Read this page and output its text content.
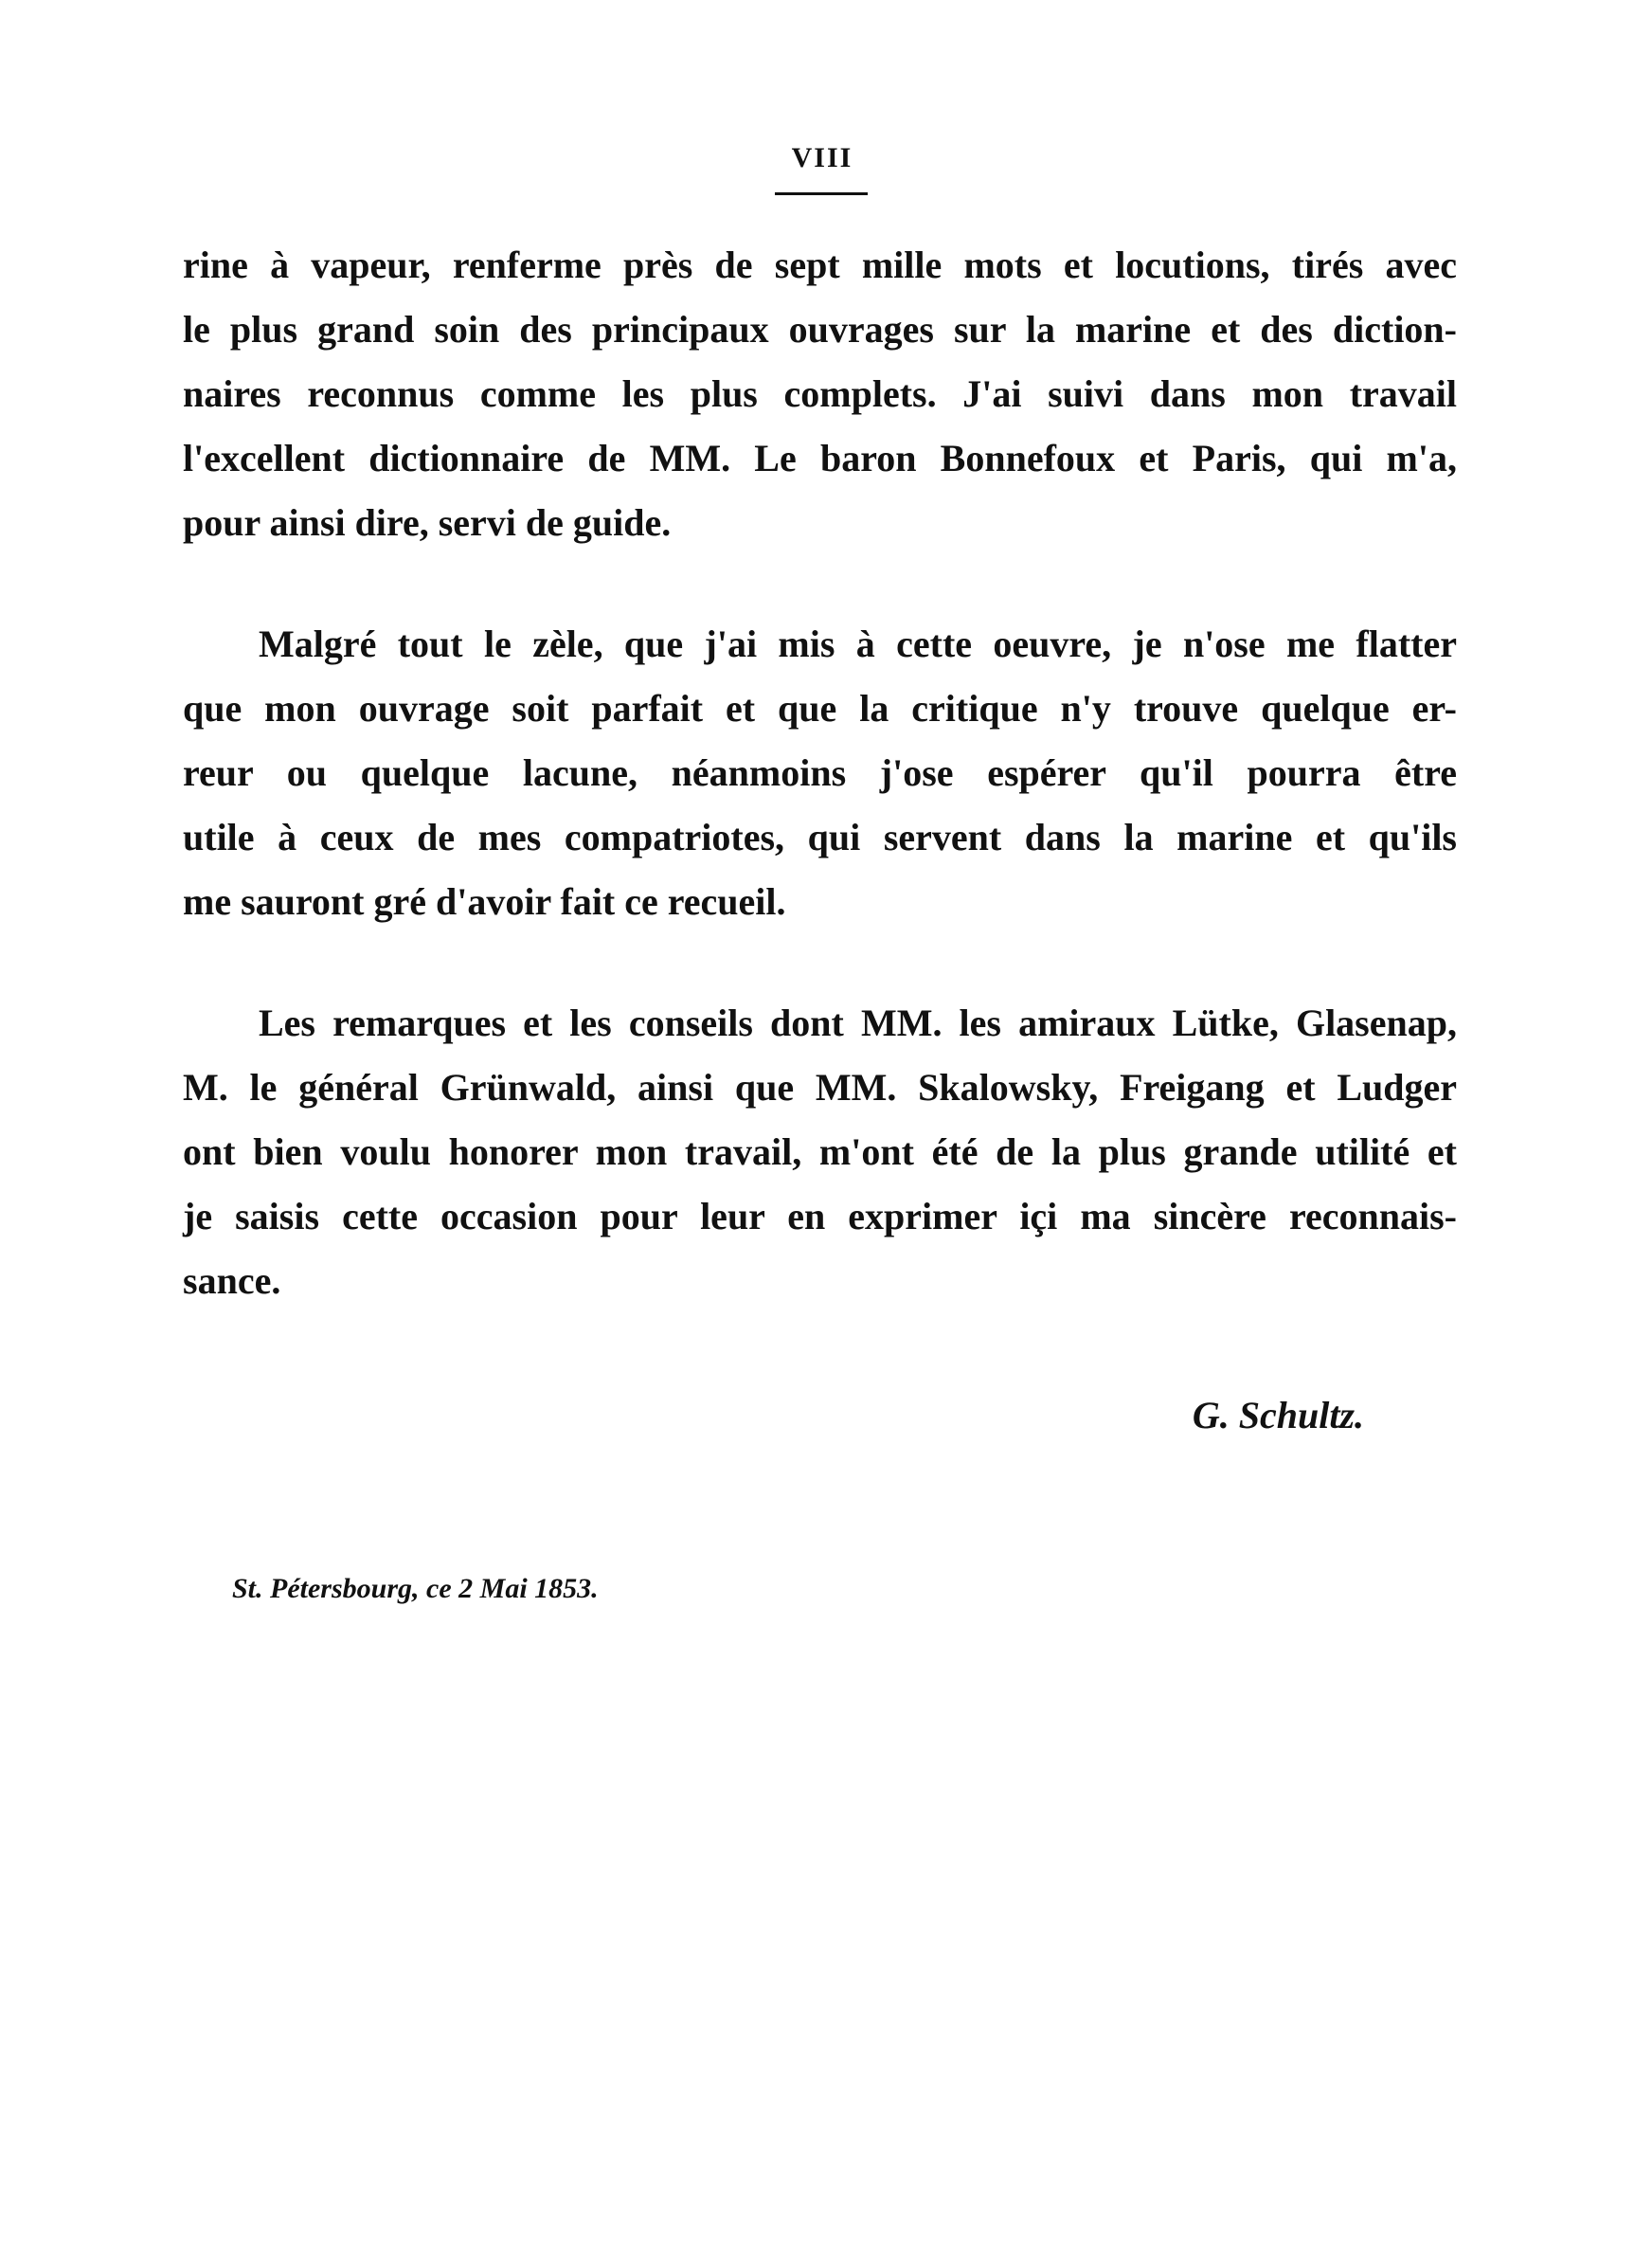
VIII
rine à vapeur, renferme près de sept mille mots et locutions, tirés avec
le plus grand soin des principaux ouvrages sur la marine et des diction-
naires reconnus comme les plus complets. J'ai suivi dans mon travail
l'excellent dictionnaire de MM. Le baron Bonnefoux et Paris, qui m'a,
pour ainsi dire, servi de guide.
Malgré tout le zèle, que j'ai mis à cette oeuvre, je n'ose me flatter
que mon ouvrage soit parfait et que la critique n'y trouve quelque er-
reur ou quelque lacune, néanmoins j'ose espérer qu'il pourra être
utile à ceux de mes compatriotes, qui servent dans la marine et qu'ils
me sauront gré d'avoir fait ce recueil.
Les remarques et les conseils dont MM. les amiraux Lütke, Glasenap,
M. le général Grünwald, ainsi que MM. Skalowsky, Freigang et Ludger
ont bien voulu honorer mon travail, m'ont été de la plus grande utilité et
je saisis cette occasion pour leur en exprimer içi ma sincère reconnais-
sance.
G. Schultz.
St. Pétersbourg, ce 2 Mai 1853.
